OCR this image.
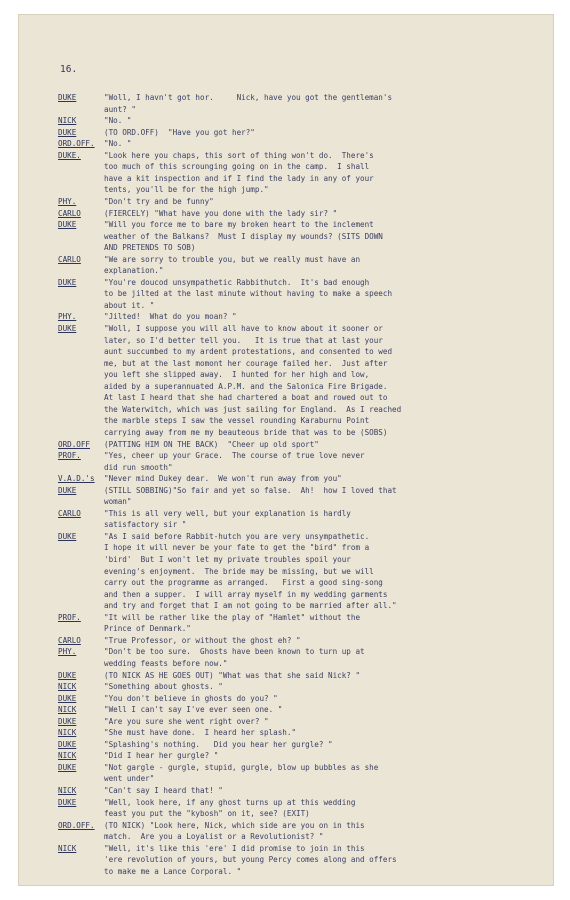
16.
DUKE	"Woll, I havn't got hor.     Nick, have you got the gentleman's
aunt? "
NICK	"No. "
DUKE	(TO ORD.OFF)  "Have you got her?"
ORD.OFF.	"No. "
DUKE.	"Look here you chaps, this sort of thing won't do.  There's
too much of this scrounging going on in the camp.  I shall
have a kit inspection and if I find the lady in any of your
tents, you'll be for the high jump."
PHY.	"Don't try and be funny"
CARLO	(FIERCELY) "What have you done with the lady sir? "
DUKE	"Will you force me to bare my broken heart to the inclement
weather of the Balkans?  Must I display my wounds? (SITS DOWN
AND PRETENDS TO SOB)
CARLO	"We are sorry to trouble you, but we really must have an
explanation."
DUKE	"You're doucod unsympathetic Rabbithutch.  It's bad enough
to be jilted at the last minute without having to make a speech
about it. "
PHY.	"Jilted!  What do you moan? "
DUKE	"Woll, I suppose you will all have to know about it sooner or
later, so I'd better tell you.   It is true that at last your
aunt succumbed to my ardent protestations, and consented to wed
me, but at the last momont her courage failed her.  Just after
you left she slipped away.  I hunted for her high and low,
aided by a superannuated A.P.M. and the Salonica Fire Brigade.
At last I heard that she had chartered a boat and rowed out to
the Waterwitch, which was just sailing for England.  As I reached
the marble steps I saw the vessel rounding Karaburnu Point
carrying away from me my beauteous bride that was to be (SOBS)
ORD.OFF	(PATTING HIM ON THE BACK)  "Cheer up old sport"
PROF.	"Yes, cheer up your Grace.  The course of true love never
did run smooth"
V.A.D.'s	"Never mind Dukey dear.  We won't run away from you"
DUKE	(STILL SOBBING)"So fair and yet so false.  Ah!  how I loved that
woman"
CARLO	"This is all very well, but your explanation is hardly
satisfactory sir "
DUKE	"As I said before Rabbit-hutch you are very unsympathetic.
I hope it will never be your fate to get the "bird" from a
'bird'  But I won't let my private troubles spoil your
evening's enjoyment.  The bride may be missing, but we will
carry out the programme as arranged.   First a good sing-song
and then a supper.  I will array myself in my wedding garments
and try and forget that I am not going to be married after all."
PROF.	"It will be rather like the play of "Hamlet" without the
Prince of Denmark."
CARLO	"True Professor, or without the ghost eh? "
PHY.	"Don't be too sure.  Ghosts have been known to turn up at
wedding feasts before now."
DUKE	(TO NICK AS HE GOES OUT) "What was that she said Nick? "
NICK	"Something about ghosts. "
DUKE	"You don't believe in ghosts do you? "
NICK	"Well I can't say I've ever seen one. "
DUKE	"Are you sure she went right over? "
NICK	"She must have done.  I heard her splash."
DUKE	"Splashing's nothing.   Did you hear her gurgle? "
NICK	"Did I hear her gurgle? "
DUKE	"Not gargle - gurgle, stupid, gurgle, blow up bubbles as she
went under"
NICK	"Can't say I heard that! "
DUKE	"Well, look here, if any ghost turns up at this wedding
feast you put the "kybosh" on it, see? (EXIT)
ORD.OFF.	(TO NICK) "Look here, Nick, which side are you on in this
match.  Are you a Loyalist or a Revolutionist? "
NICK	"Well, it's like this 'ere' I did promise to join in this
'ere revolution of yours, but young Percy comes along and offers
to make me a Lance Corporal. "
